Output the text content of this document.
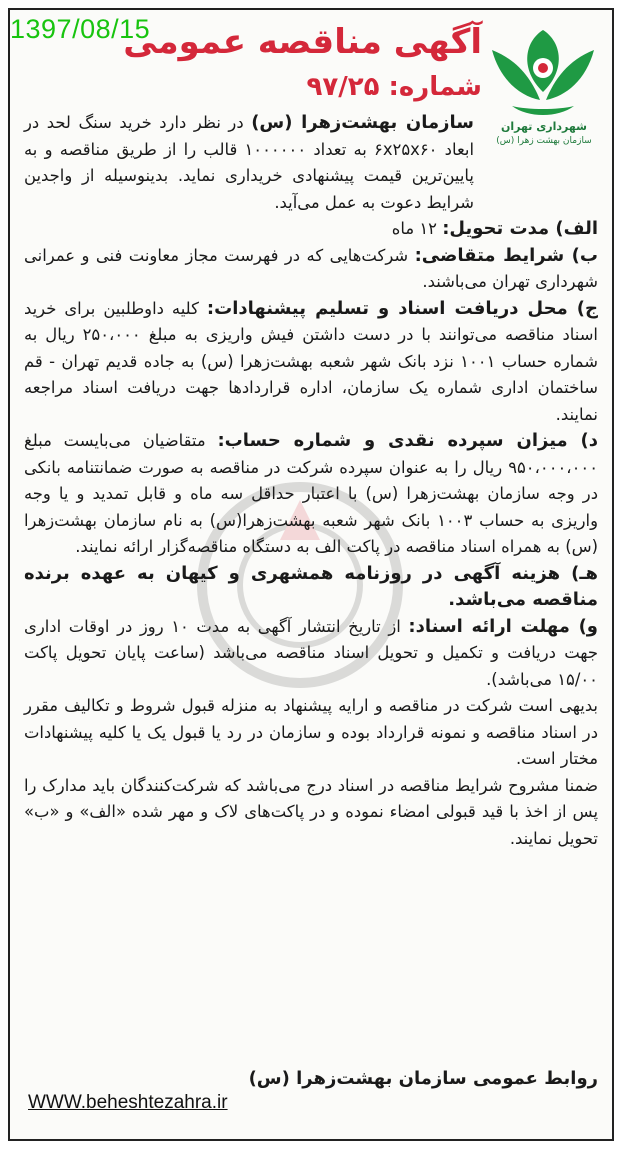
1397/08/15
آگهی مناقصه عمومی
شماره: ۹۷/۲۵
شهرداری تهران
سازمان بهشت زهرا (س)

سازمان بهشت‌زهرا (س) در نظر دارد خرید سنگ لحد در ابعاد ۶x۲۵x۶۰ به تعداد ۱۰۰۰۰۰۰ قالب را از طریق مناقصه و به پایین‌ترین قیمت پیشنهادی خریداری نماید. بدینوسیله از واجدین شرایط دعوت به عمل می‌آید.

الف) مدت تحویل: ۱۲ ماه

ب) شرایط متقاضی: شرکت‌هایی که در فهرست مجاز معاونت فنی و عمرانی شهرداری تهران می‌باشند.

ج) محل دریافت اسناد و تسلیم پیشنهادات: کلیه داوطلبین برای خرید اسناد مناقصه می‌توانند با در دست داشتن فیش واریزی به مبلغ ۲۵۰،۰۰۰ ریال به شماره حساب ۱۰۰۱ نزد بانک شهر شعبه بهشت‌زهرا (س) به جاده قدیم تهران - قم ساختمان اداری شماره یک سازمان، اداره قراردادها جهت دریافت اسناد مراجعه نمایند.

د) میزان سپرده نقدی و شماره حساب: متقاضیان می‌بایست مبلغ ۹۵۰،۰۰۰،۰۰۰ ریال را به عنوان سپرده شرکت در مناقصه به صورت ضمانتنامه بانکی در وجه سازمان بهشت‌زهرا (س) با اعتبار حداقل سه ماه و قابل تمدید و یا وجه واریزی به حساب ۱۰۰۳ بانک شهر شعبه بهشت‌زهرا(س) به نام سازمان بهشت‌زهرا (س) به همراه اسناد مناقصه در پاکت الف به دستگاه مناقصه‌گزار ارائه نمایند.

هـ) هزینه آگهی در روزنامه همشهری و کیهان به عهده برنده مناقصه می‌باشد.

و) مهلت ارائه اسناد: از تاریخ انتشار آگهی به مدت ۱۰ روز در اوقات اداری جهت دریافت و تکمیل و تحویل اسناد مناقصه می‌باشد (ساعت پایان تحویل پاکت ۱۵/۰۰ می‌باشد).

بدیهی است شرکت در مناقصه و ارایه پیشنهاد به منزله قبول شروط و تکالیف مقرر در اسناد مناقصه و نمونه قرارداد بوده و سازمان در رد یا قبول یک یا کلیه پیشنهادات مختار است.

ضمنا مشروح شرایط مناقصه در اسناد درج می‌باشد که شرکت‌کنندگان باید مدارک را پس از اخذ با قید قبولی امضاء نموده و در پاکت‌های لاک و مهر شده «الف» و «ب» تحویل نمایند.

روابط عمومی سازمان بهشت‌زهرا (س)
WWW.beheshtezahra.ir
